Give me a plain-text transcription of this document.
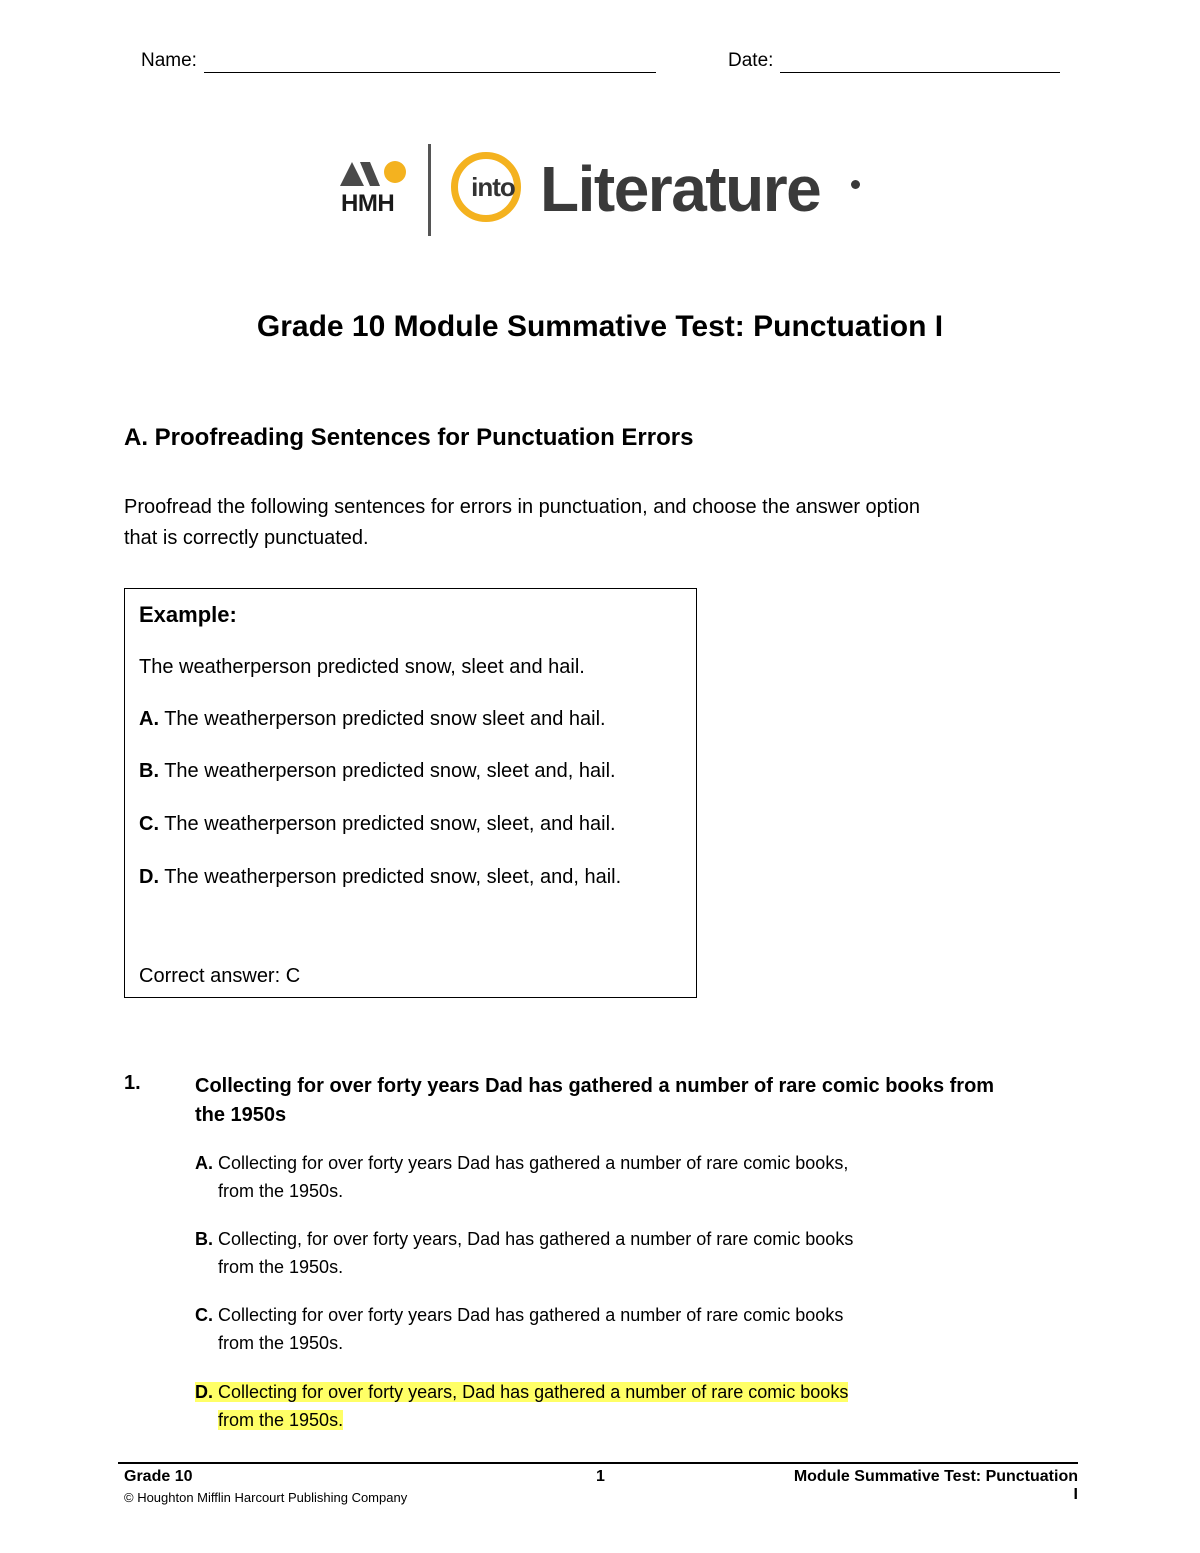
Name:	Date:
HMH
into Literature
Grade 10 Module Summative Test: Punctuation I
A. Proofreading Sentences for Punctuation Errors
Proofread the following sentences for errors in punctuation, and choose the answer option
that is correctly punctuated.
Example:
The weatherperson predicted snow, sleet and hail.
A. The weatherperson predicted snow sleet and hail.
B. The weatherperson predicted snow, sleet and, hail.
C. The weatherperson predicted snow, sleet, and hail.
D. The weatherperson predicted snow, sleet, and, hail.
Correct answer: C
1.	Collecting for over forty years Dad has gathered a number of rare comic books from
the 1950s
A. Collecting for over forty years Dad has gathered a number of rare comic books,
from the 1950s.
B. Collecting, for over forty years, Dad has gathered a number of rare comic books
from the 1950s.
C. Collecting for over forty years Dad has gathered a number of rare comic books
from the 1950s.
D. Collecting for over forty years, Dad has gathered a number of rare comic books
from the 1950s.
Grade 10	1	Module Summative Test: Punctuation I
© Houghton Mifflin Harcourt Publishing Company
